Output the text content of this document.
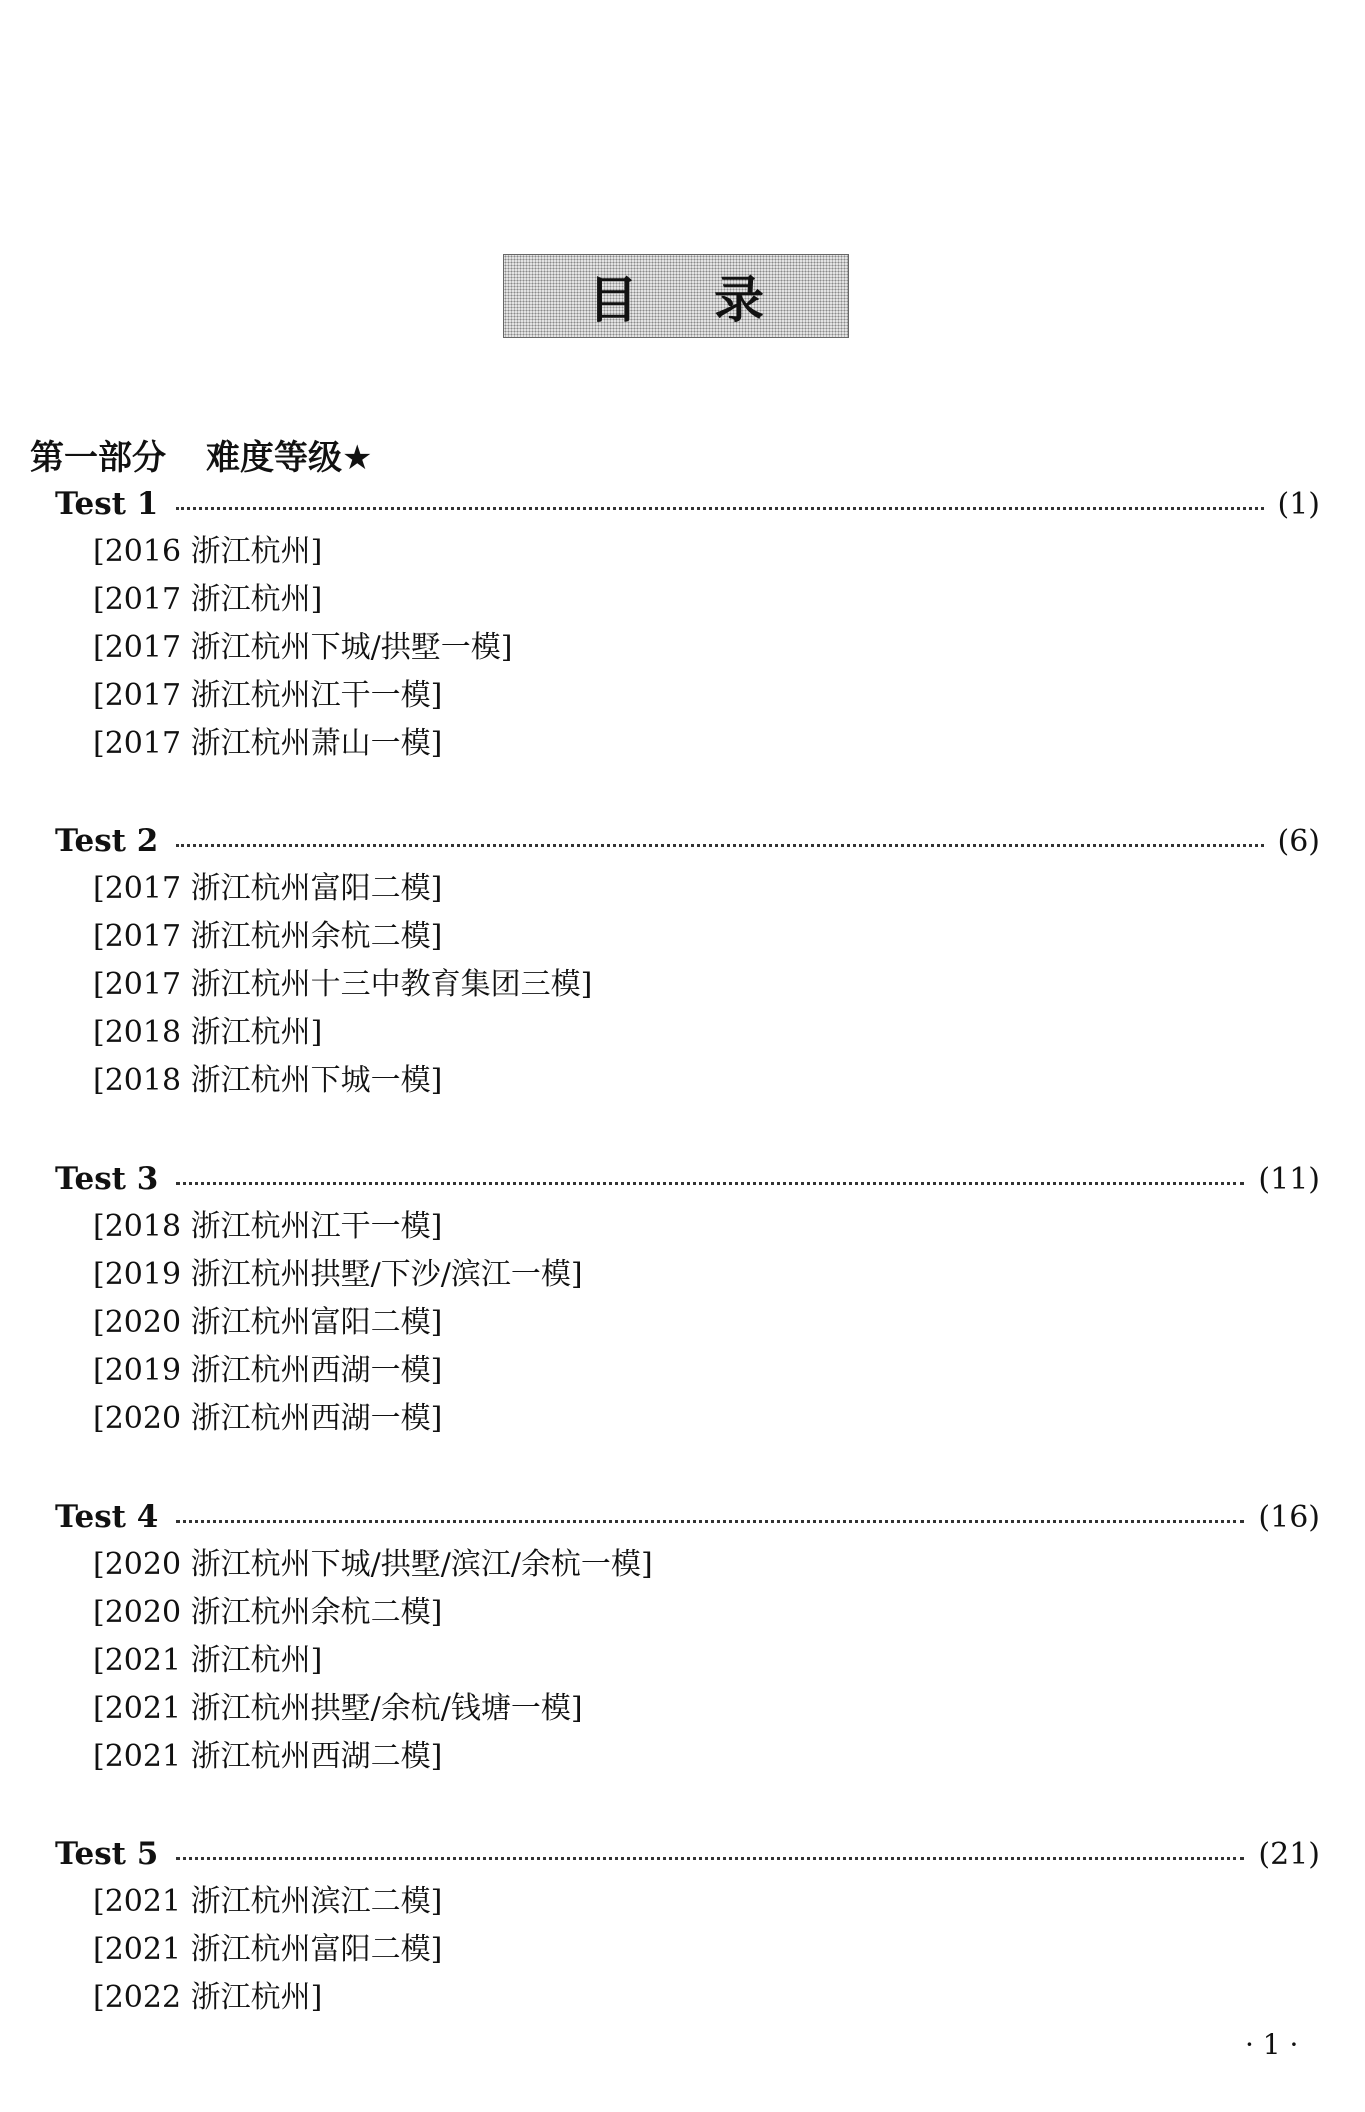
目 录
第一部分 难度等级★
Test 1	(1)
[2016 浙江杭州]
[2017 浙江杭州]
[2017 浙江杭州下城/拱墅一模]
[2017 浙江杭州江干一模]
[2017 浙江杭州萧山一模]
Test 2	(6)
[2017 浙江杭州富阳二模]
[2017 浙江杭州余杭二模]
[2017 浙江杭州十三中教育集团三模]
[2018 浙江杭州]
[2018 浙江杭州下城一模]
Test 3	(11)
[2018 浙江杭州江干一模]
[2019 浙江杭州拱墅/下沙/滨江一模]
[2020 浙江杭州富阳二模]
[2019 浙江杭州西湖一模]
[2020 浙江杭州西湖一模]
Test 4	(16)
[2020 浙江杭州下城/拱墅/滨江/余杭一模]
[2020 浙江杭州余杭二模]
[2021 浙江杭州]
[2021 浙江杭州拱墅/余杭/钱塘一模]
[2021 浙江杭州西湖二模]
Test 5	(21)
[2021 浙江杭州滨江二模]
[2021 浙江杭州富阳二模]
[2022 浙江杭州]
· 1 ·
